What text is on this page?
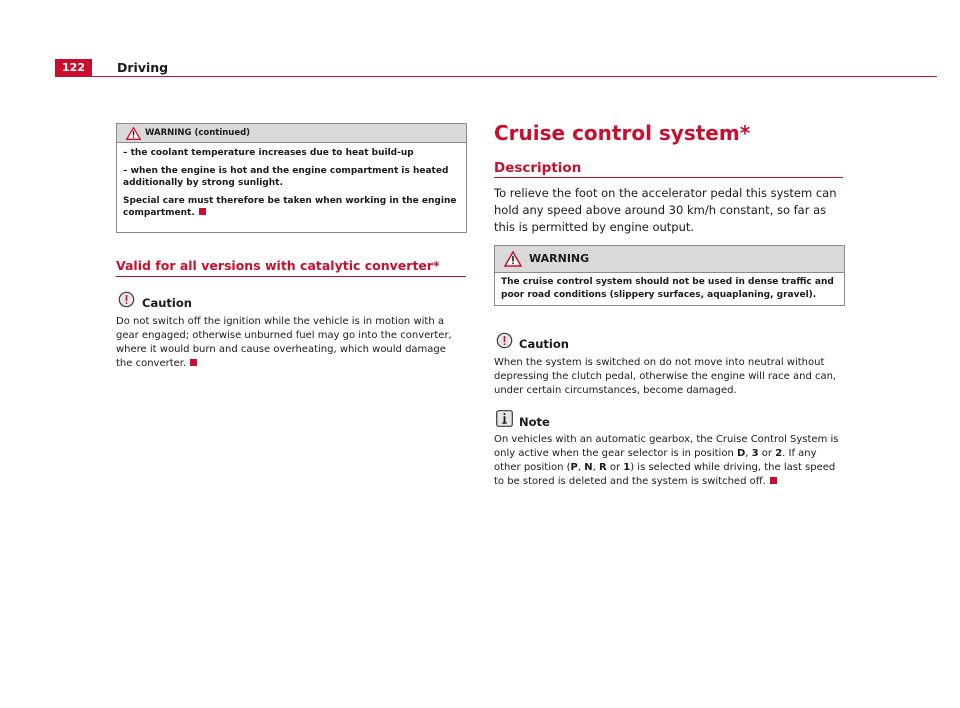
122	Driving
WARNING (continued)

– the coolant temperature increases due to heat build-up

– when the engine is hot and the engine compartment is heated additionally by strong sunlight.

Special care must therefore be taken when working in the engine compartment.

Valid for all versions with catalytic converter*
Caution

Do not switch off the ignition while the vehicle is in motion with a gear engaged; otherwise unburned fuel may go into the converter, where it would burn and cause overheating, which would damage the converter.

Cruise control system*
Description

To relieve the foot on the accelerator pedal this system can hold any speed above around 30 km/h constant, so far as this is permitted by engine output.

WARNING

The cruise control system should not be used in dense traffic and poor road conditions (slippery surfaces, aquaplaning, gravel).

Caution

When the system is switched on do not move into neutral without depressing the clutch pedal, otherwise the engine will race and can, under certain circumstances, become damaged.

Note

On vehicles with an automatic gearbox, the Cruise Control System is only active when the gear selector is in position D, 3 or 2. If any other position (P, N, R or 1) is selected while driving, the last speed to be stored is deleted and the system is switched off.
